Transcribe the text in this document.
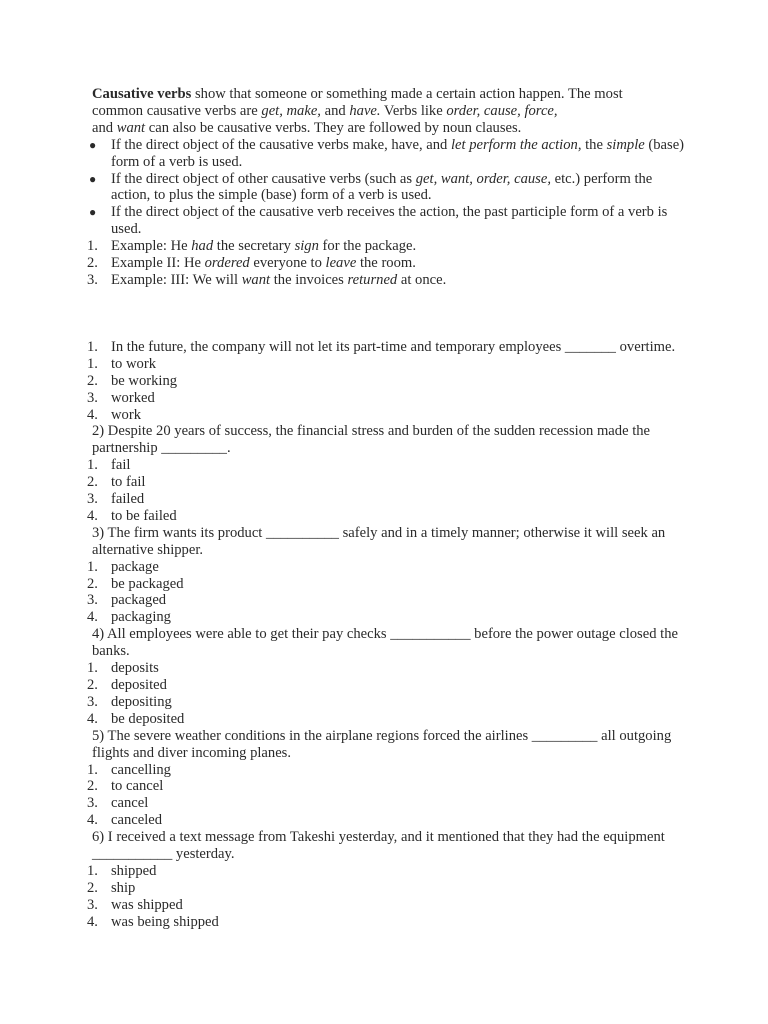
Causative verbs show that someone or something made a certain action happen. The most

common causative verbs are get, make, and have. Verbs like order, cause, force,

and want can also be causative verbs. They are followed by noun clauses.

● If the direct object of the causative verbs make, have, and let perform the action, the simple (base) form of a verb is used.
● If the direct object of other causative verbs (such as get, want, order, cause, etc.) perform the action, to plus the simple (base) form of a verb is used.
● If the direct object of the causative verb receives the action, the past participle form of a verb is used.
1. Example: He had the secretary sign for the package.
2. Example II: He ordered everyone to leave the room.
3. Example: III: We will want the invoices returned at once.
1. In the future, the company will not let its part-time and temporary employees _______ overtime.
1. to work
2. be working
3. worked
4. work

2) Despite 20 years of success, the financial stress and burden of the sudden recession made the partnership _________.

1. fail
2. to fail
3. failed
4. to be failed

3) The firm wants its product __________ safely and in a timely manner; otherwise it will seek an alternative shipper.

1. package
2. be packaged
3. packaged
4. packaging

4) All employees were able to get their pay checks ___________ before the power outage closed the banks.

1. deposits
2. deposited
3. depositing
4. be deposited

5) The severe weather conditions in the airplane regions forced the airlines _________ all outgoing flights and diver incoming planes.

1. cancelling
2. to cancel
3. cancel
4. canceled

6) I received a text message from Takeshi yesterday, and it mentioned that they had the equipment ___________ yesterday.

1. shipped
2. ship
3. was shipped
4. was being shipped
